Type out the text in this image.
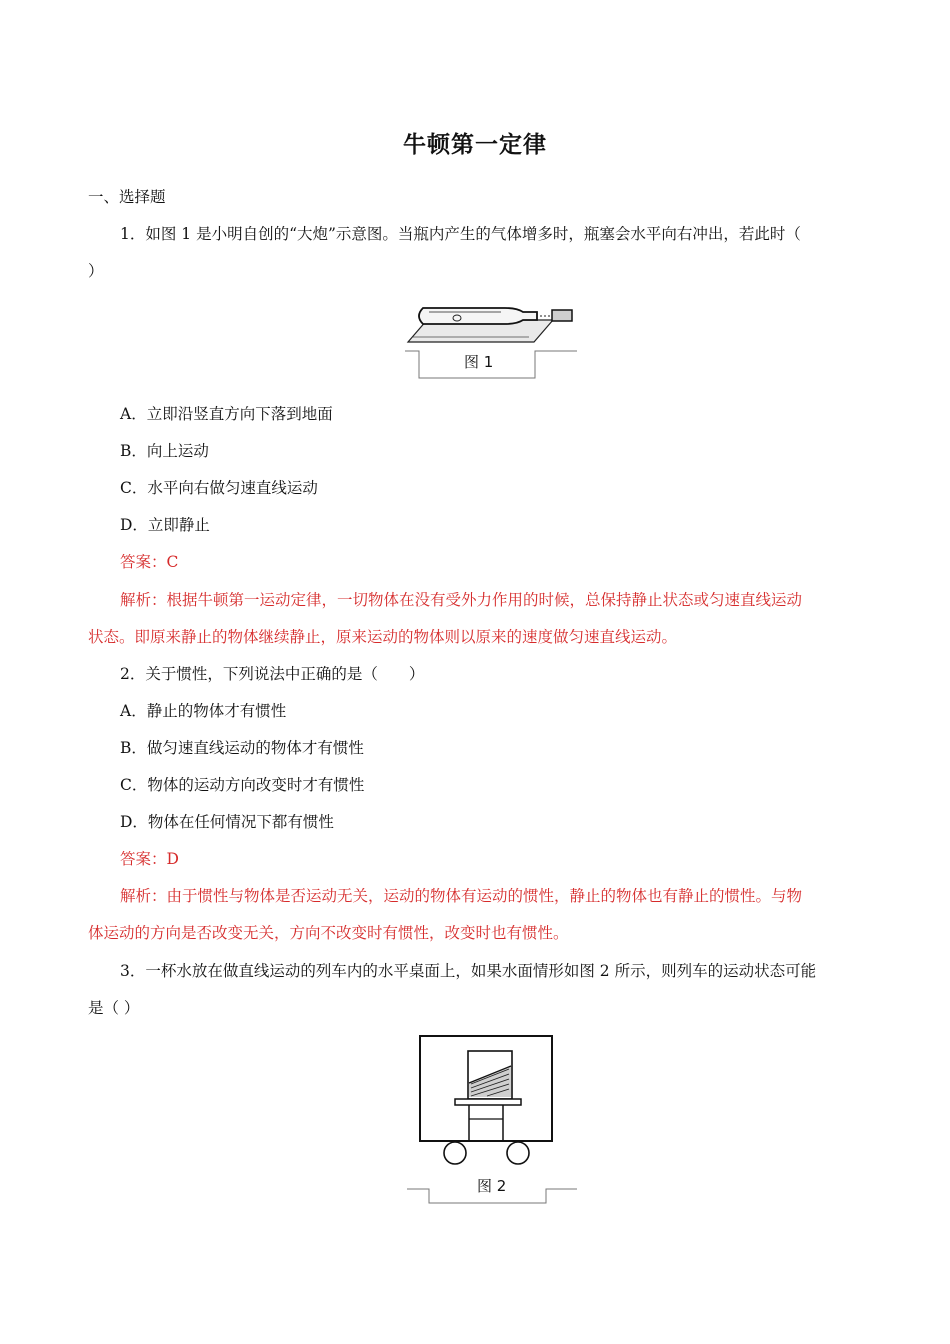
牛顿第一定律
一、选择题
1．如图 1 是小明自创的“大炮”示意图。当瓶内产生的气体增多时，瓶塞会水平向右冲出，若此时（
）
图 1
A．立即沿竖直方向下落到地面
B．向上运动
C．水平向右做匀速直线运动
D．立即静止
答案：C
解析：根据牛顿第一运动定律，一切物体在没有受外力作用的时候，总保持静止状态或匀速直线运动
状态。即原来静止的物体继续静止，原来运动的物体则以原来的速度做匀速直线运动。
2．关于惯性，下列说法中正确的是（　　）
A．静止的物体才有惯性
B．做匀速直线运动的物体才有惯性
C．物体的运动方向改变时才有惯性
D．物体在任何情况下都有惯性
答案：D
解析：由于惯性与物体是否运动无关，运动的物体有运动的惯性，静止的物体也有静止的惯性。与物
体运动的方向是否改变无关，方向不改变时有惯性，改变时也有惯性。
3．一杯水放在做直线运动的列车内的水平桌面上，如果水面情形如图 2 所示，则列车的运动状态可能
是（ ）
图 2
